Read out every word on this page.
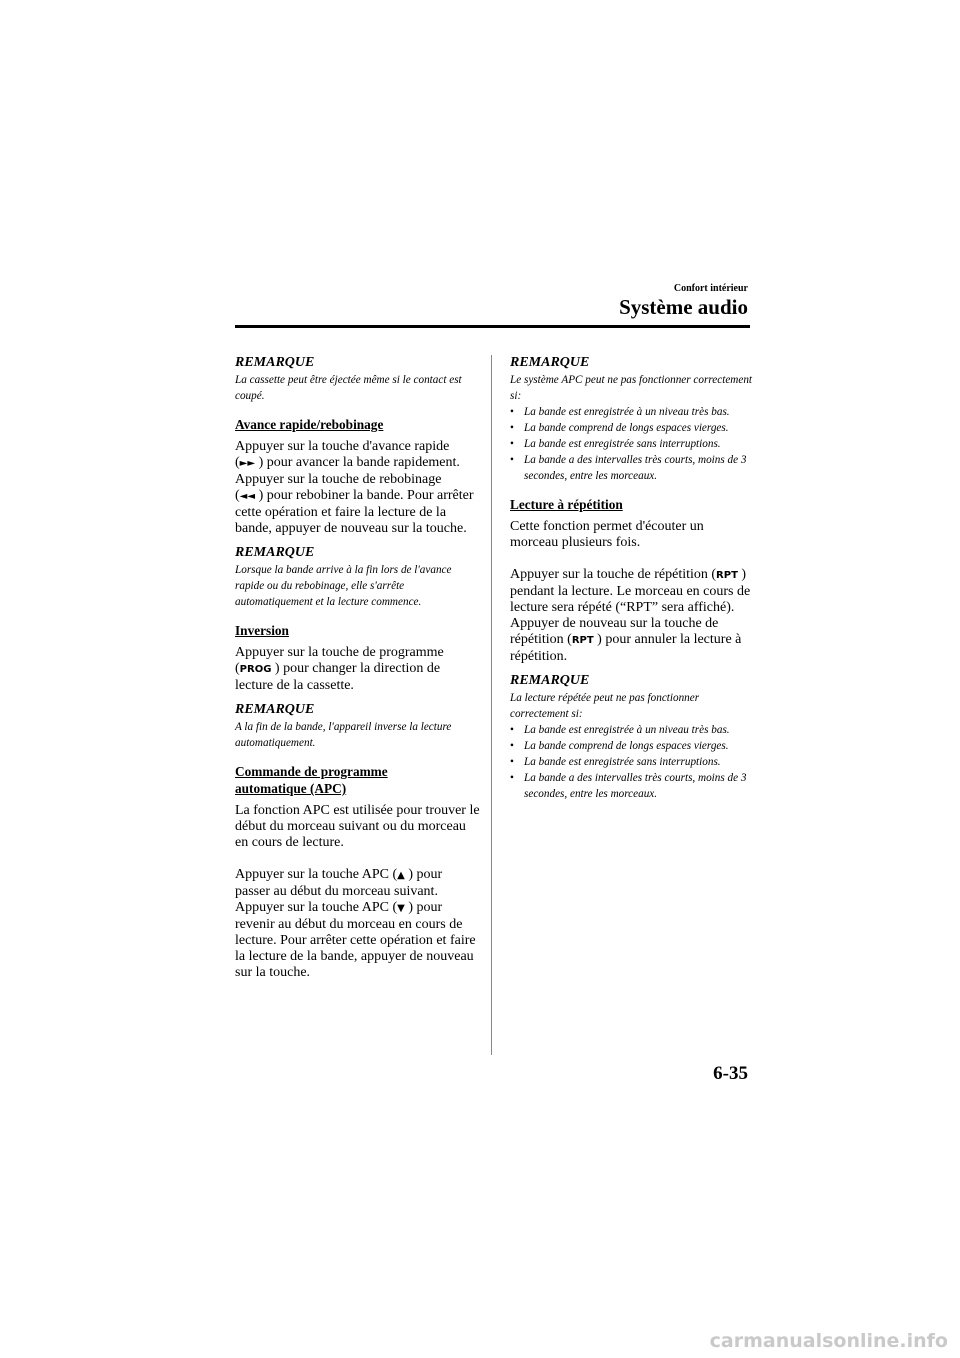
Confort intérieur
Système audio

REMARQUE

La cassette peut être éjectée même si le contact est coupé.

Avance rapide/rebobinage

Appuyer sur la touche d'avance rapide
(►► ) pour avancer la bande rapidement. Appuyer sur la touche de rebobinage
(◄◄ ) pour rebobiner la bande. Pour arrêter cette opération et faire la lecture de la bande, appuyer de nouveau sur la touche.

REMARQUE

Lorsque la bande arrive à la fin lors de l'avance rapide ou du rebobinage, elle s'arrête automatiquement et la lecture commence.

Inversion

Appuyer sur la touche de programme
(PROG ) pour changer la direction de lecture de la cassette.

REMARQUE

A la fin de la bande, l'appareil inverse la lecture automatiquement.

Commande de programme
automatique (APC)

La fonction APC est utilisée pour trouver le début du morceau suivant ou du morceau en cours de lecture.

Appuyer sur la touche APC (▲ ) pour passer au début du morceau suivant. Appuyer sur la touche APC (▼ ) pour revenir au début du morceau en cours de lecture. Pour arrêter cette opération et faire la lecture de la bande, appuyer de nouveau sur la touche.

REMARQUE

Le système APC peut ne pas fonctionner correctement si:

• La bande est enregistrée à un niveau très bas.
• La bande comprend de longs espaces vierges.
• La bande est enregistrée sans interruptions.
• La bande a des intervalles très courts, moins de 3 secondes, entre les morceaux.

Lecture à répétition

Cette fonction permet d'écouter un morceau plusieurs fois.

Appuyer sur la touche de répétition (RPT ) pendant la lecture. Le morceau en cours de lecture sera répété (“RPT” sera affiché).
Appuyer de nouveau sur la touche de répétition (RPT ) pour annuler la lecture à répétition.

REMARQUE

La lecture répétée peut ne pas fonctionner correctement si:

• La bande est enregistrée à un niveau très bas.
• La bande comprend de longs espaces vierges.
• La bande est enregistrée sans interruptions.
• La bande a des intervalles très courts, moins de 3 secondes, entre les morceaux.
6-35
carmanualsonline.info
